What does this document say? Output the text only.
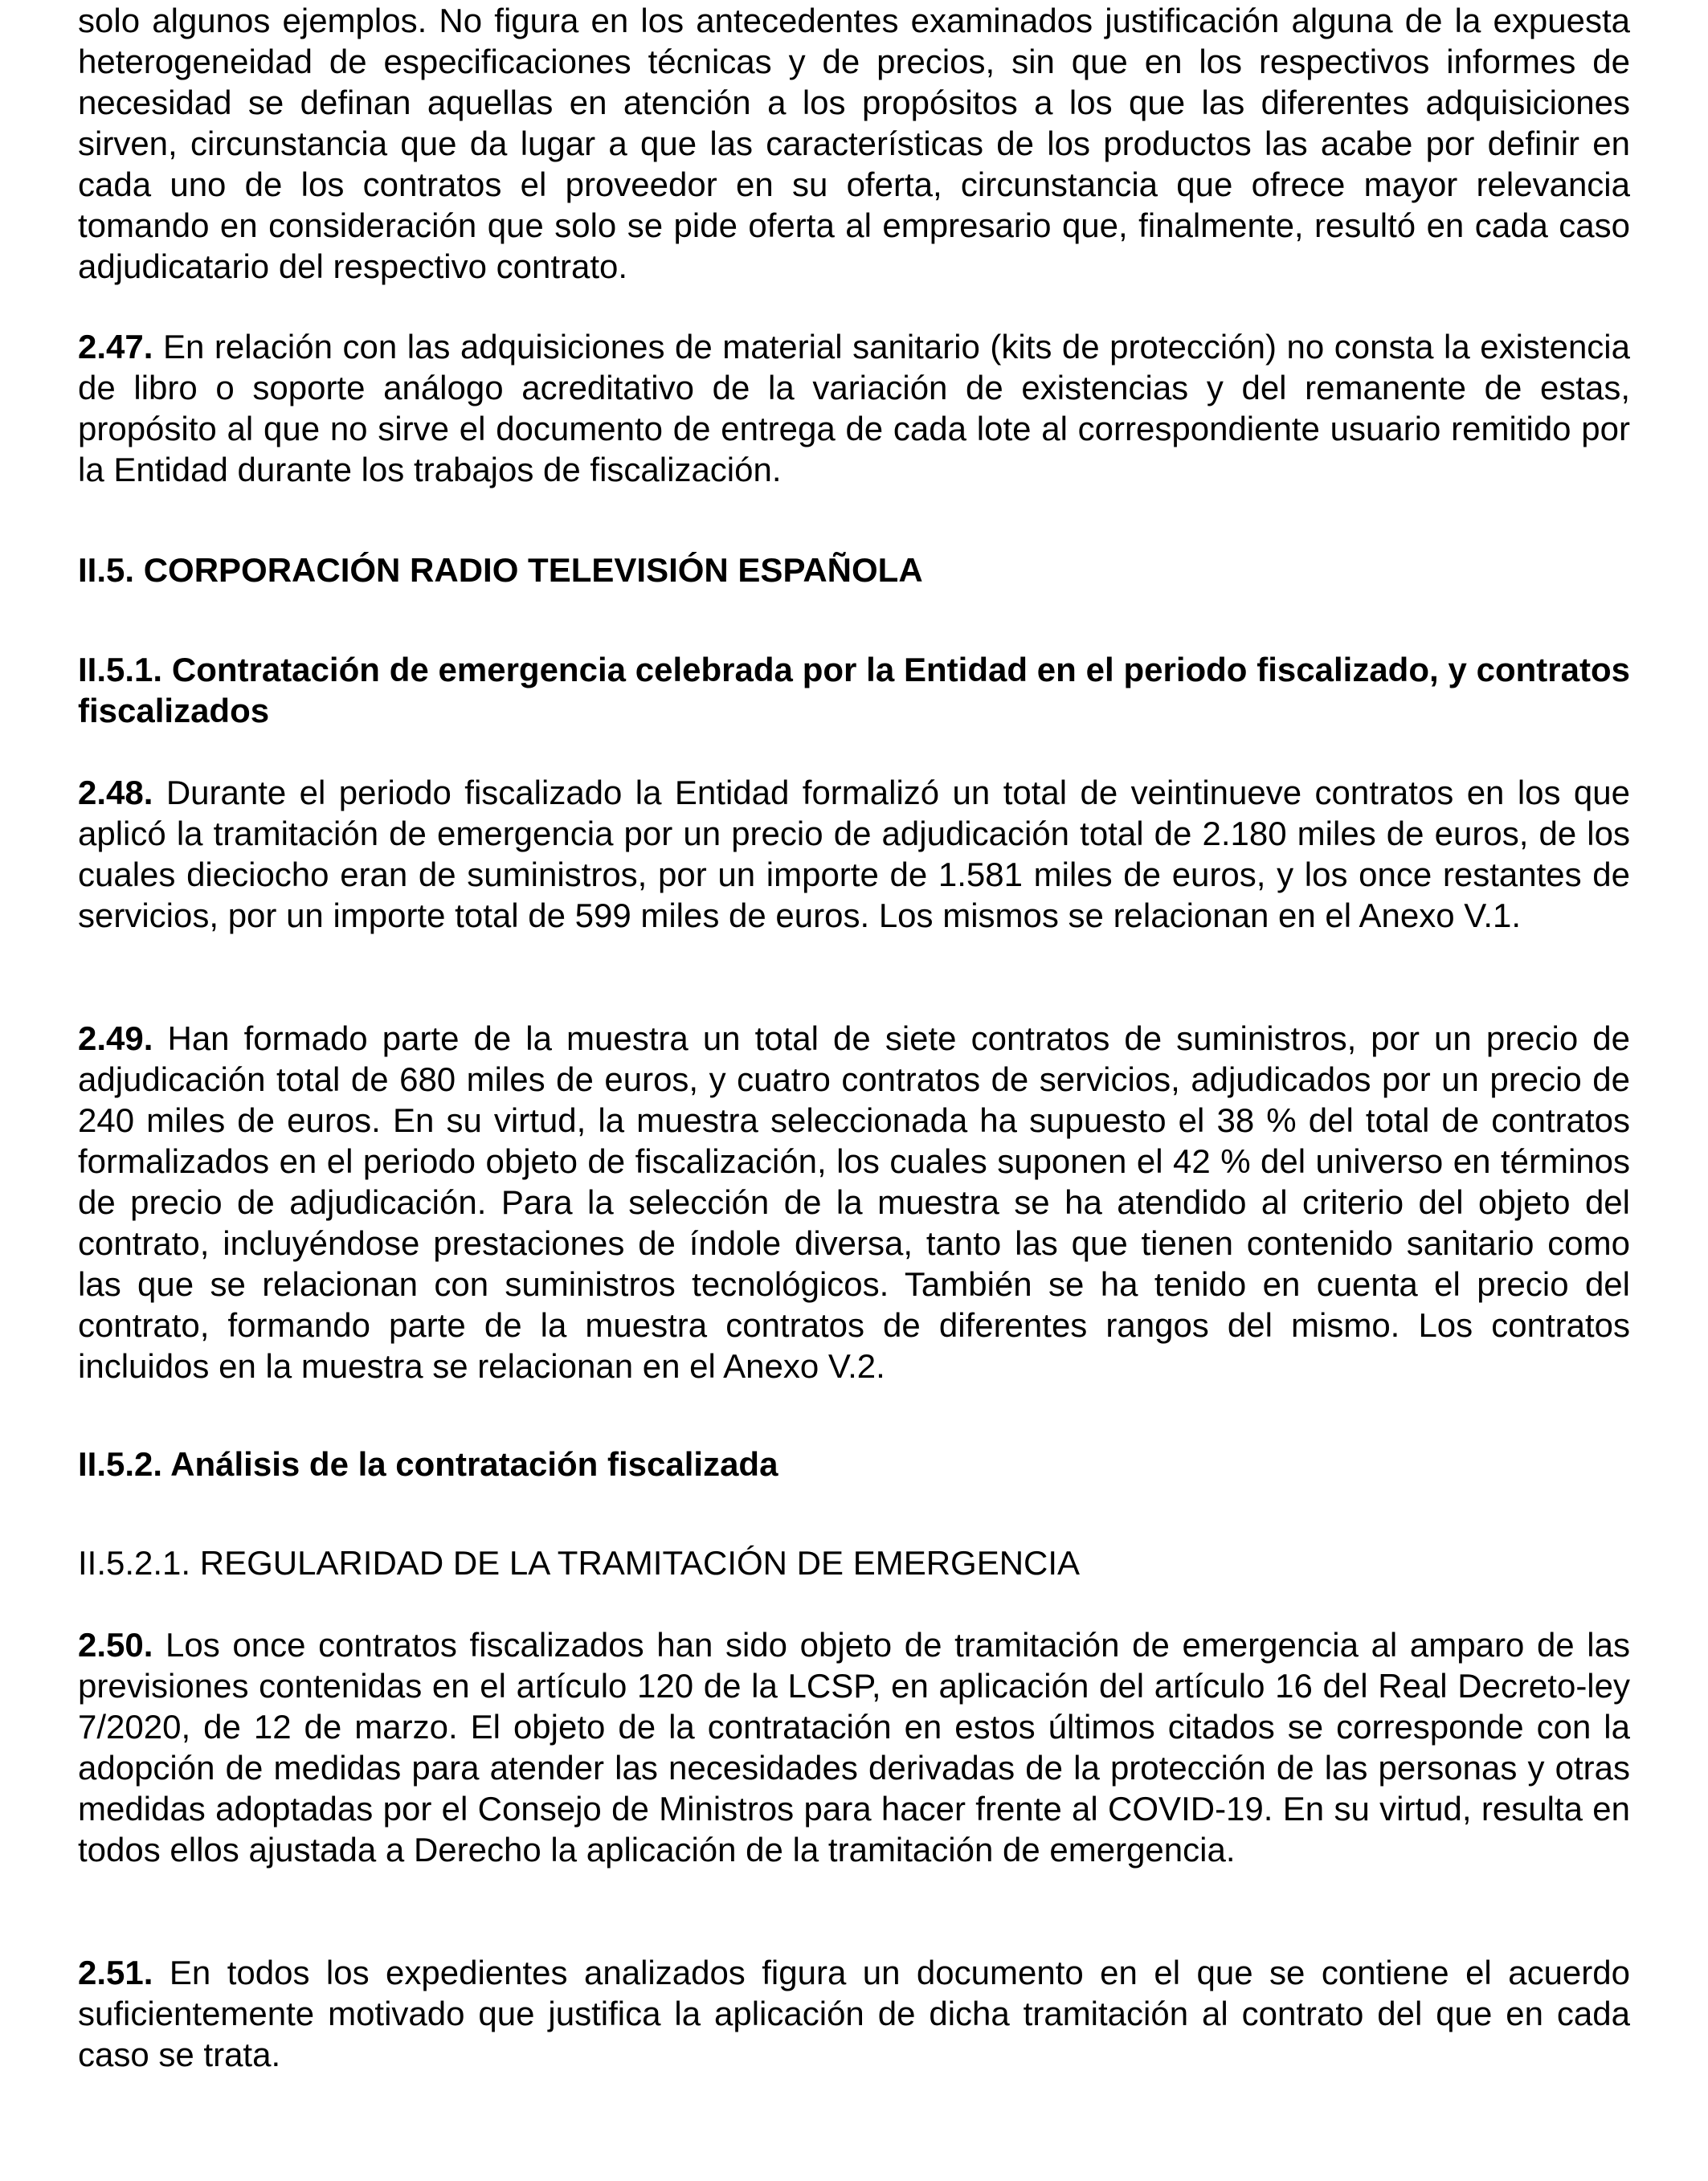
solo algunos ejemplos. No figura en los antecedentes examinados justificación alguna de la expuesta heterogeneidad de especificaciones técnicas y de precios, sin que en los respectivos informes de necesidad se definan aquellas en atención a los propósitos a los que las diferentes adquisiciones sirven, circunstancia que da lugar a que las características de los productos las acabe por definir en cada uno de los contratos el proveedor en su oferta, circunstancia que ofrece mayor relevancia tomando en consideración que solo se pide oferta al empresario que, finalmente, resultó en cada caso adjudicatario del respectivo contrato.

2.47. En relación con las adquisiciones de material sanitario (kits de protección) no consta la existencia de libro o soporte análogo acreditativo de la variación de existencias y del remanente de estas, propósito al que no sirve el documento de entrega de cada lote al correspondiente usuario remitido por la Entidad durante los trabajos de fiscalización.

II.5. CORPORACIÓN RADIO TELEVISIÓN ESPAÑOLA
II.5.1. Contratación de emergencia celebrada por la Entidad en el periodo fiscalizado, y contratos fiscalizados

2.48. Durante el periodo fiscalizado la Entidad formalizó un total de veintinueve contratos en los que aplicó la tramitación de emergencia por un precio de adjudicación total de 2.180 miles de euros, de los cuales dieciocho eran de suministros, por un importe de 1.581 miles de euros, y los once restantes de servicios, por un importe total de 599 miles de euros. Los mismos se relacionan en el Anexo V.1.

2.49. Han formado parte de la muestra un total de siete contratos de suministros, por un precio de adjudicación total de 680 miles de euros, y cuatro contratos de servicios, adjudicados por un precio de 240 miles de euros. En su virtud, la muestra seleccionada ha supuesto el 38 % del total de contratos formalizados en el periodo objeto de fiscalización, los cuales suponen el 42 % del universo en términos de precio de adjudicación. Para la selección de la muestra se ha atendido al criterio del objeto del contrato, incluyéndose prestaciones de índole diversa, tanto las que tienen contenido sanitario como las que se relacionan con suministros tecnológicos. También se ha tenido en cuenta el precio del contrato, formando parte de la muestra contratos de diferentes rangos del mismo. Los contratos incluidos en la muestra se relacionan en el Anexo V.2.

II.5.2. Análisis de la contratación fiscalizada
II.5.2.1. REGULARIDAD DE LA TRAMITACIÓN DE EMERGENCIA

2.50. Los once contratos fiscalizados han sido objeto de tramitación de emergencia al amparo de las previsiones contenidas en el artículo 120 de la LCSP, en aplicación del artículo 16 del Real Decreto-ley 7/2020, de 12 de marzo. El objeto de la contratación en estos últimos citados se corresponde con la adopción de medidas para atender las necesidades derivadas de la protección de las personas y otras medidas adoptadas por el Consejo de Ministros para hacer frente al COVID-19. En su virtud, resulta en todos ellos ajustada a Derecho la aplicación de la tramitación de emergencia.

2.51. En todos los expedientes analizados figura un documento en el que se contiene el acuerdo suficientemente motivado que justifica la aplicación de dicha tramitación al contrato del que en cada caso se trata.
